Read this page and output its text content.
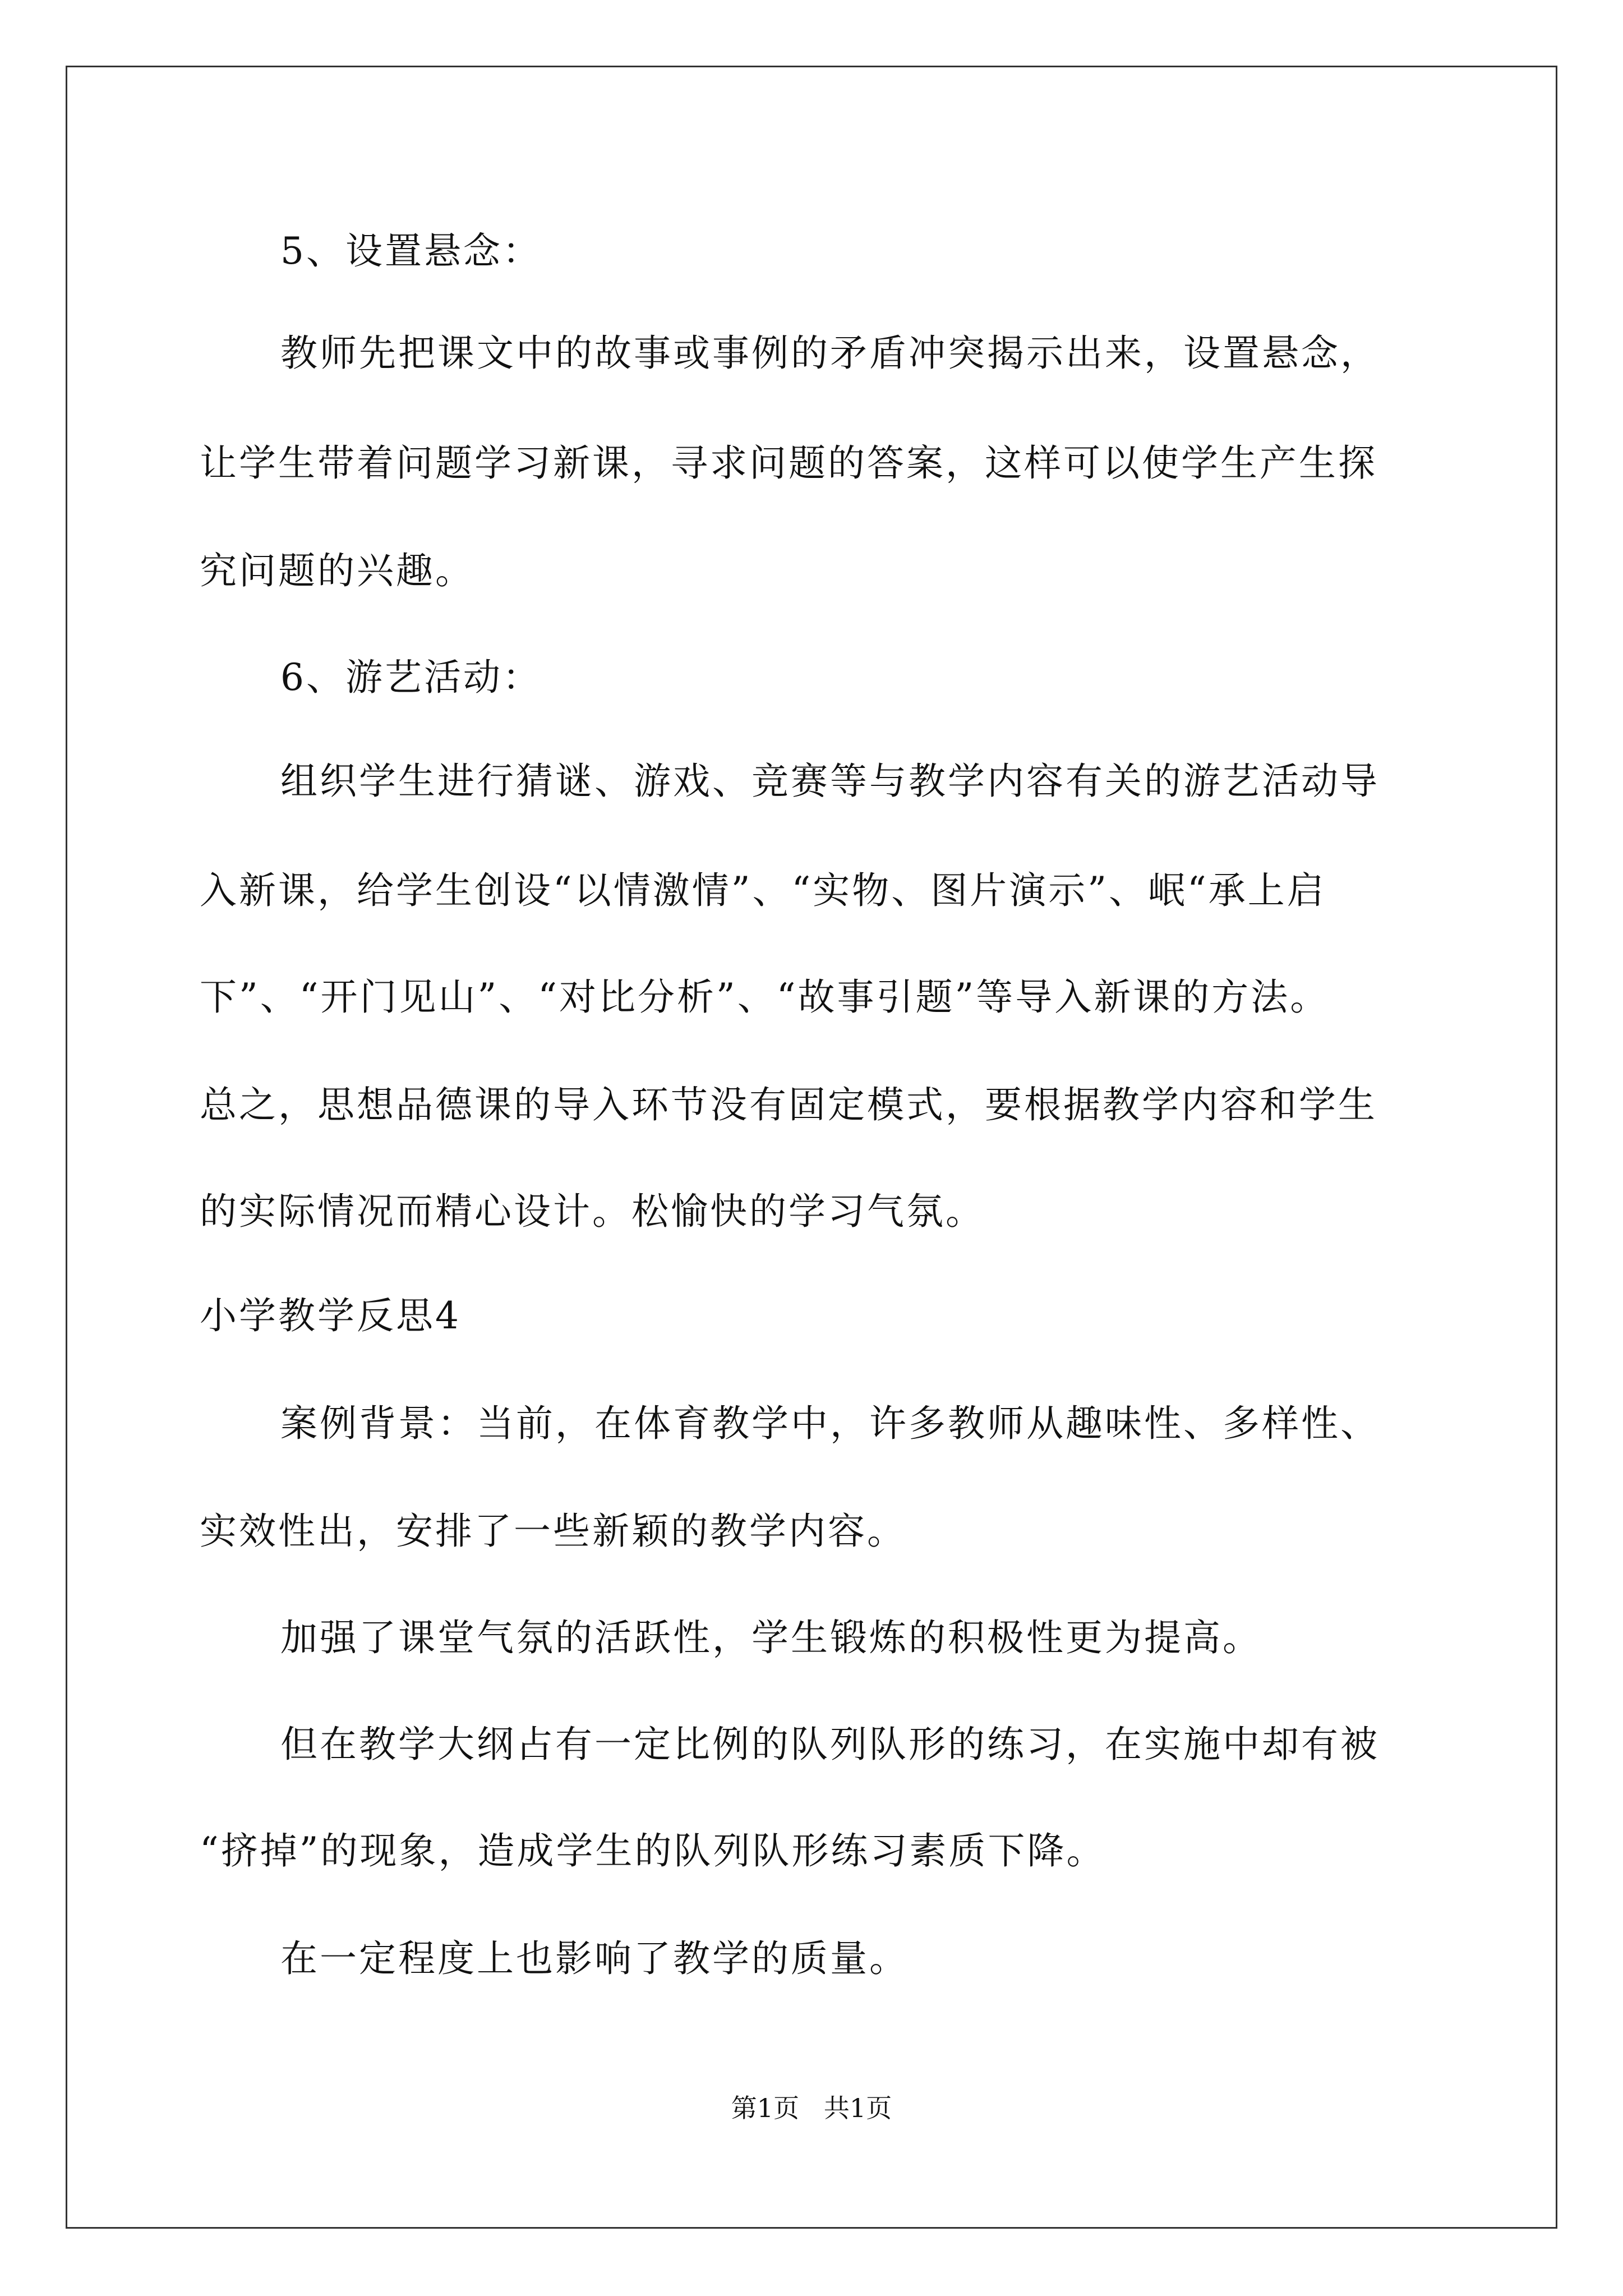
5、设置悬念：
教师先把课文中的故事或事例的矛盾冲突揭示出来，设置悬念，
让学生带着问题学习新课，寻求问题的答案，这样可以使学生产生探
究问题的兴趣。
6、游艺活动：
组织学生进行猜谜、游戏、竞赛等与教学内容有关的游艺活动导
入新课，给学生创设“以情激情”、“实物、图片演示”、岷“承上启
下”、“开门见山”、“对比分析”、“故事引题”等导入新课的方法。
总之，思想品德课的导入环节没有固定模式，要根据教学内容和学生
的实际情况而精心设计。松愉快的学习气氛。
小学教学反思4
案例背景：当前，在体育教学中，许多教师从趣味性、多样性、
实效性出，安排了一些新颖的教学内容。
加强了课堂气氛的活跃性，学生锻炼的积极性更为提高。
但在教学大纲占有一定比例的队列队形的练习，在实施中却有被
“挤掉”的现象，造成学生的队列队形练习素质下降。
在一定程度上也影响了教学的质量。
第1页   共1页
